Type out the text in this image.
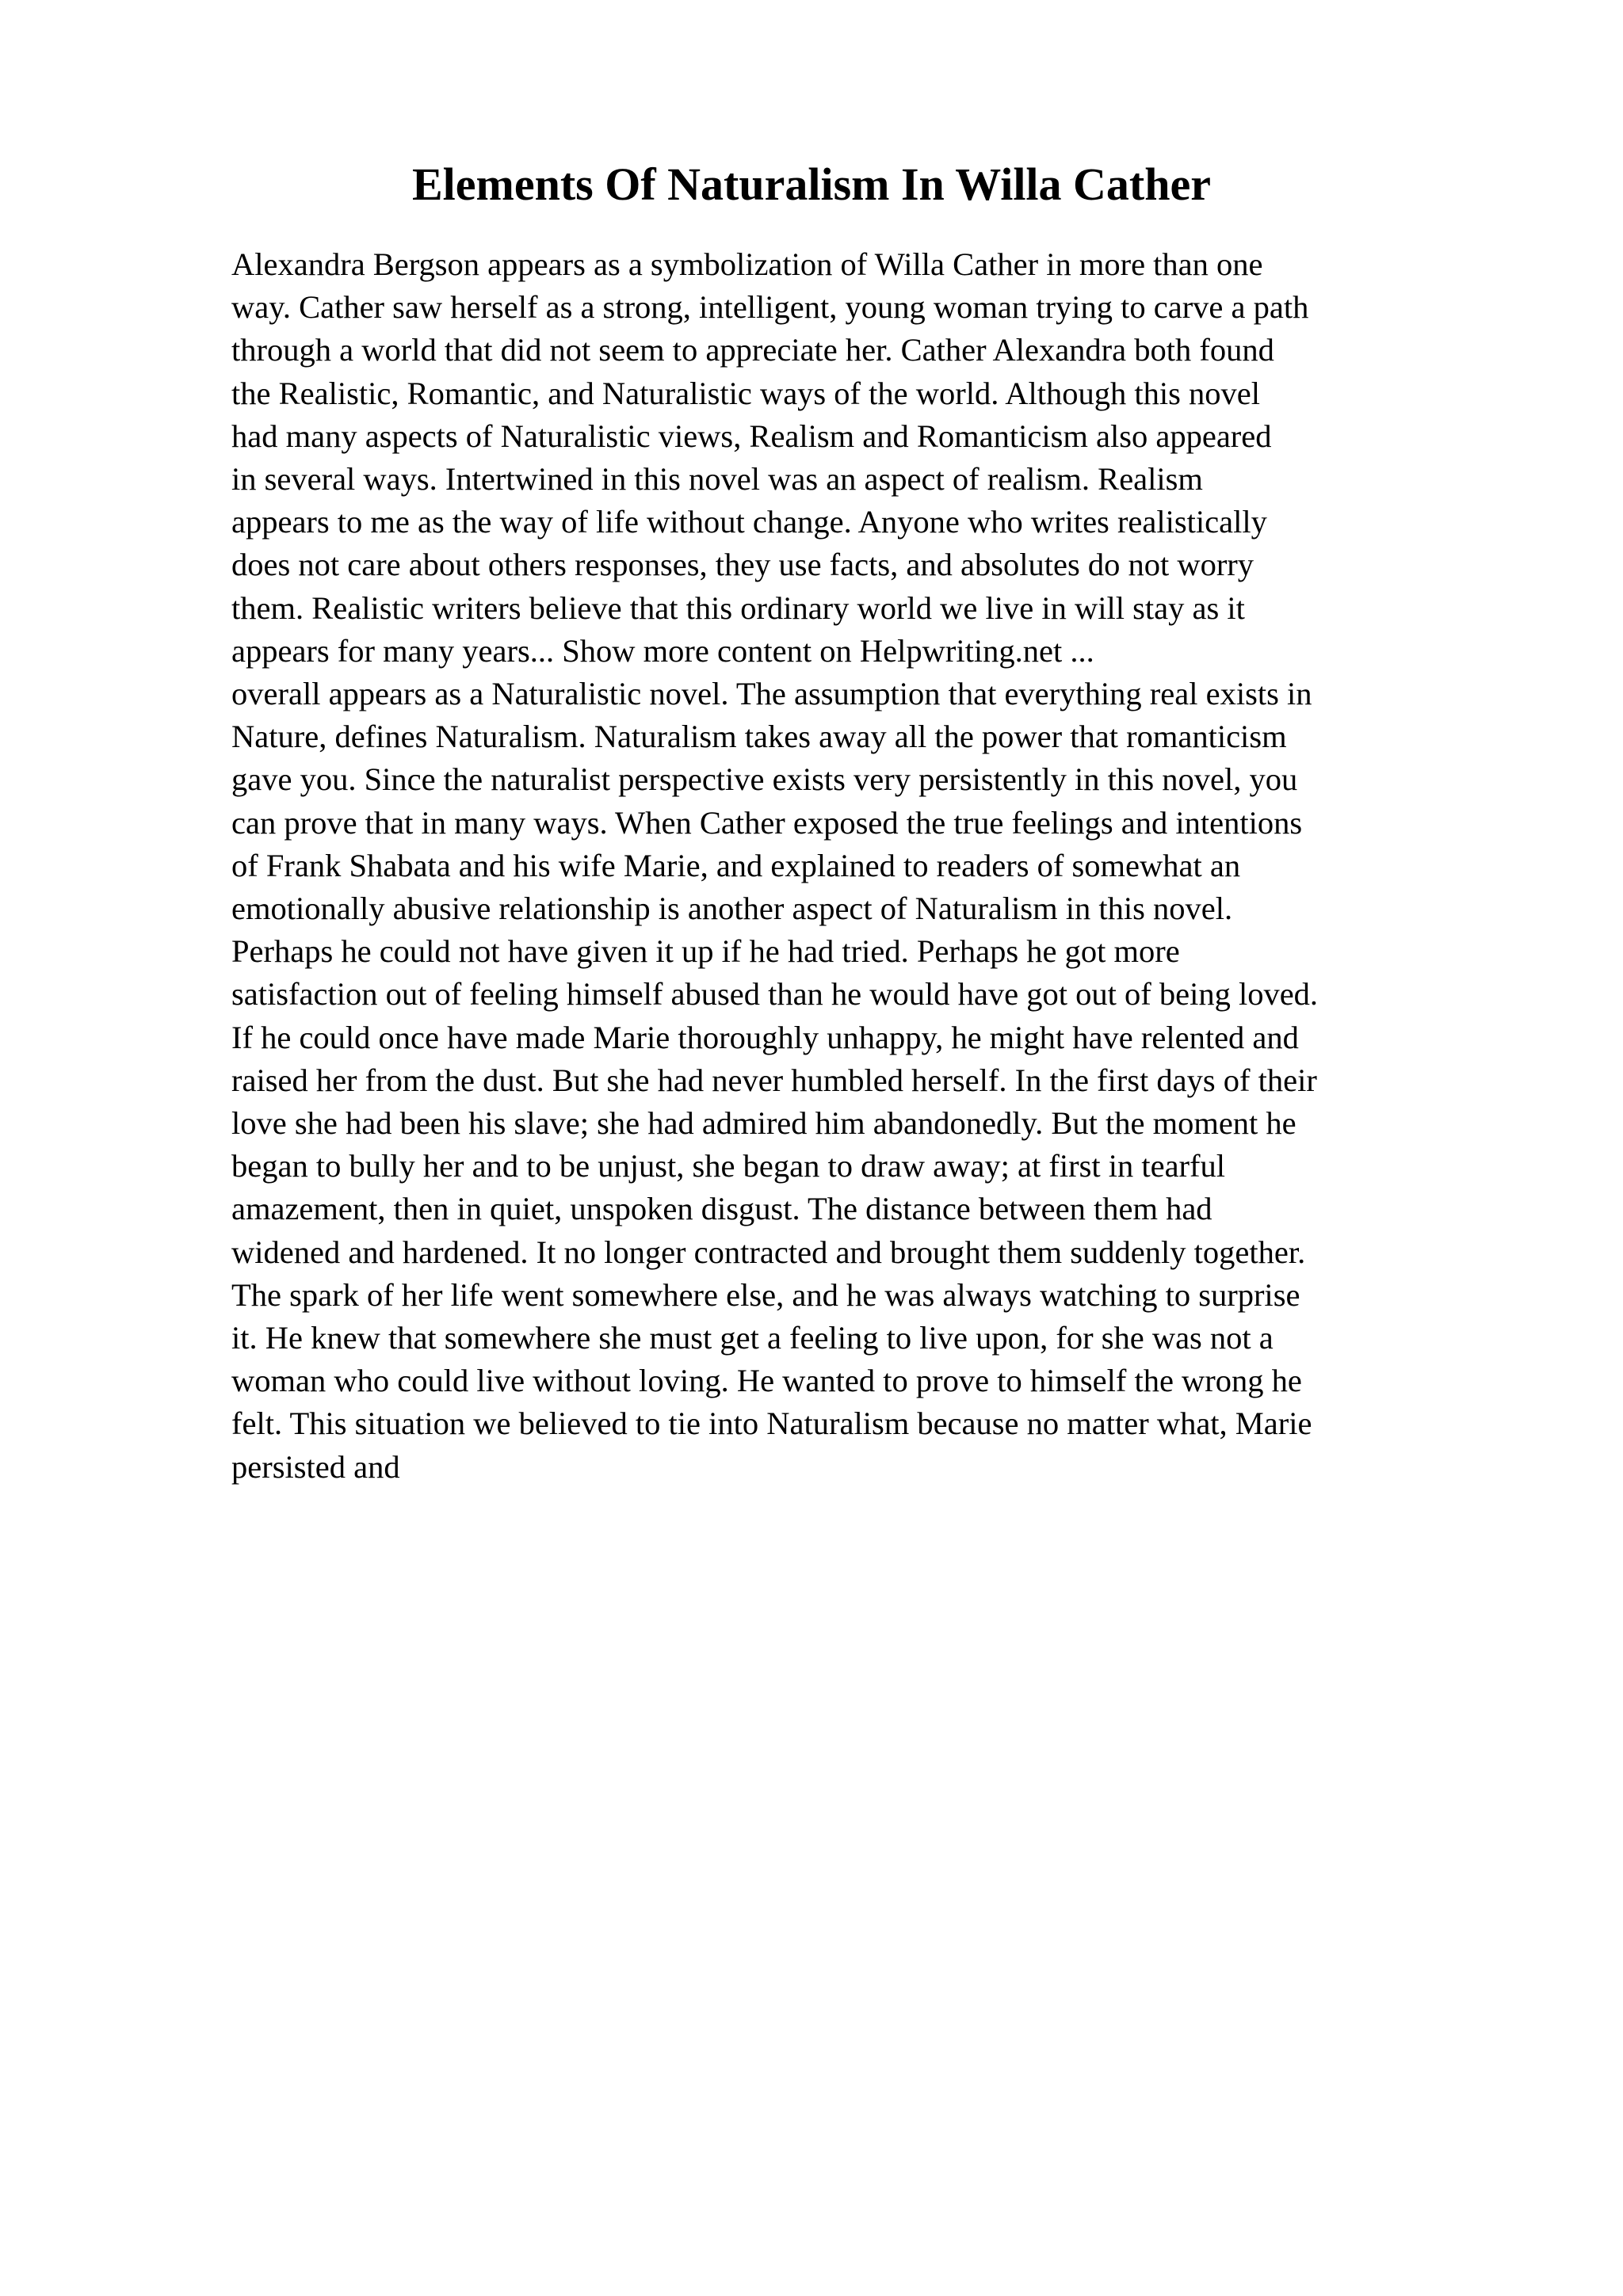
Elements Of Naturalism In Willa Cather
Alexandra Bergson appears as a symbolization of Willa Cather in more than one
way. Cather saw herself as a strong, intelligent, young woman trying to carve a path
through a world that did not seem to appreciate her. Cather Alexandra both found
the Realistic, Romantic, and Naturalistic ways of the world. Although this novel
had many aspects of Naturalistic views, Realism and Romanticism also appeared
in several ways. Intertwined in this novel was an aspect of realism. Realism
appears to me as the way of life without change. Anyone who writes realistically
does not care about others responses, they use facts, and absolutes do not worry
them. Realistic writers believe that this ordinary world we live in will stay as it
appears for many years... Show more content on Helpwriting.net ...
overall appears as a Naturalistic novel. The assumption that everything real exists in
Nature, defines Naturalism. Naturalism takes away all the power that romanticism
gave you. Since the naturalist perspective exists very persistently in this novel, you
can prove that in many ways. When Cather exposed the true feelings and intentions
of Frank Shabata and his wife Marie, and explained to readers of somewhat an
emotionally abusive relationship is another aspect of Naturalism in this novel.
Perhaps he could not have given it up if he had tried. Perhaps he got more
satisfaction out of feeling himself abused than he would have got out of being loved.
If he could once have made Marie thoroughly unhappy, he might have relented and
raised her from the dust. But she had never humbled herself. In the first days of their
love she had been his slave; she had admired him abandonedly. But the moment he
began to bully her and to be unjust, she began to draw away; at first in tearful
amazement, then in quiet, unspoken disgust. The distance between them had
widened and hardened. It no longer contracted and brought them suddenly together.
The spark of her life went somewhere else, and he was always watching to surprise
it. He knew that somewhere she must get a feeling to live upon, for she was not a
woman who could live without loving. He wanted to prove to himself the wrong he
felt. This situation we believed to tie into Naturalism because no matter what, Marie
persisted and
